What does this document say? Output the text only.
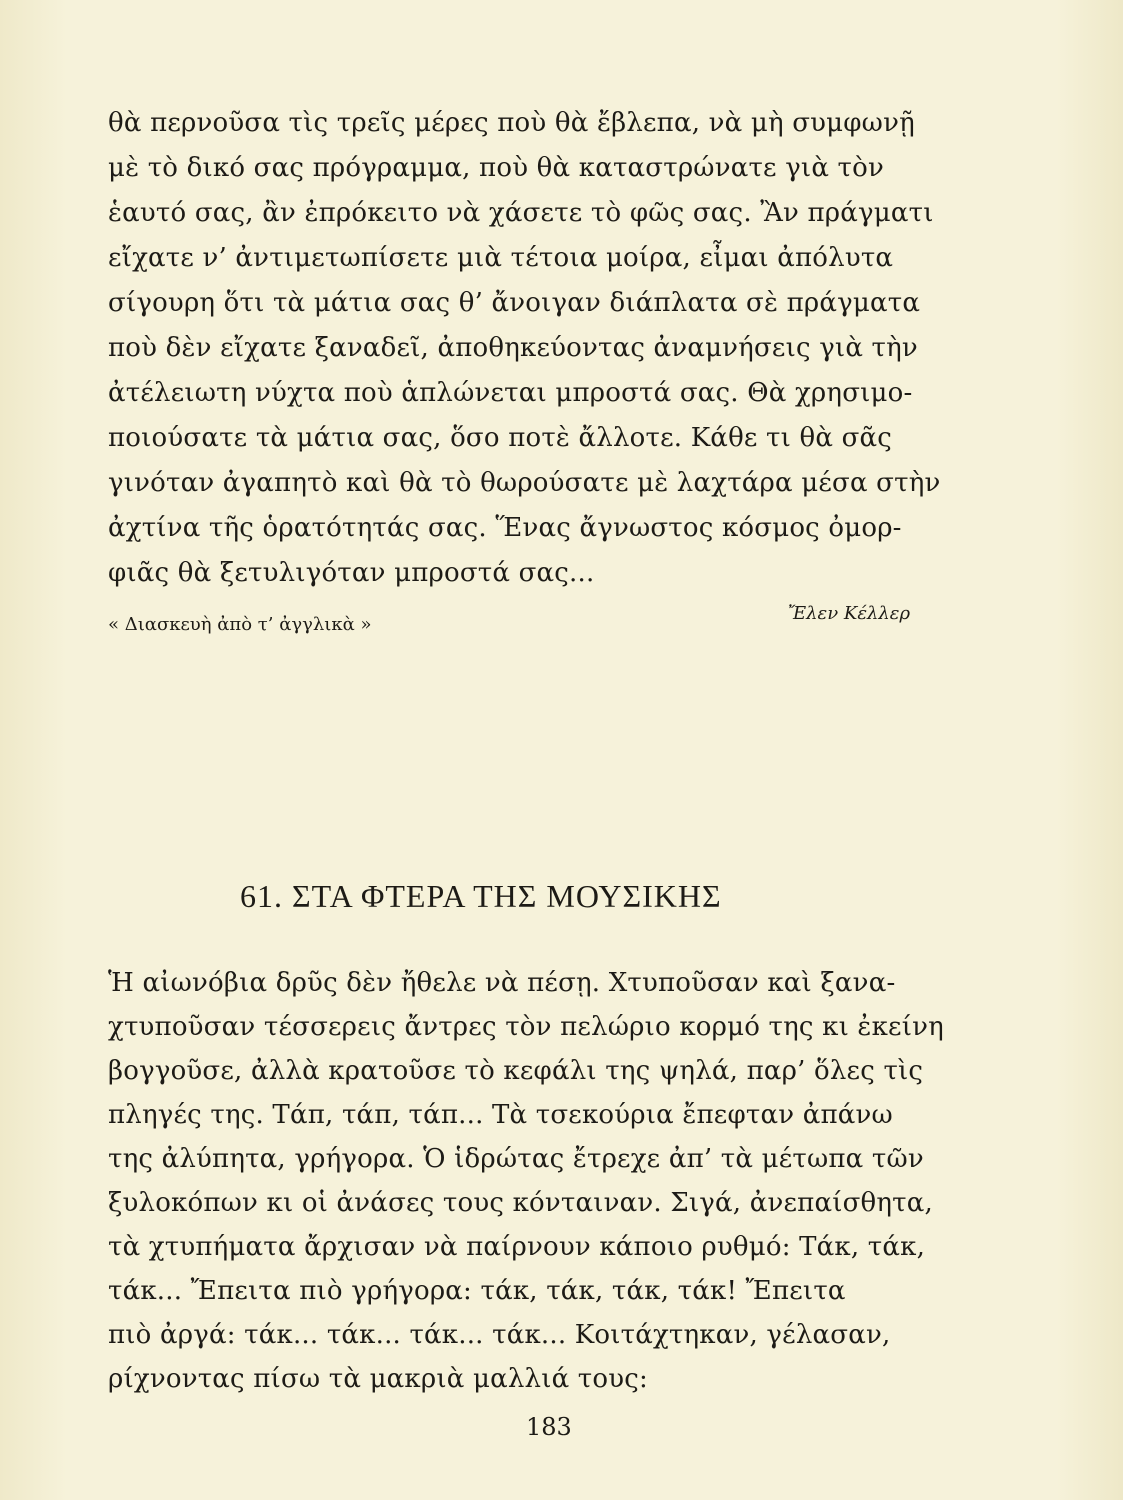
θὰ περνοῦσα τὶς τρεῖς μέρες ποὺ θὰ ἔβλεπα, νὰ μὴ συμφωνῇ
μὲ τὸ δικό σας πρόγραμμα, ποὺ θὰ καταστρώνατε γιὰ τὸν
ἑαυτό σας, ἂν ἐπρόκειτο νὰ χάσετε τὸ φῶς σας. Ἂν πράγματι
εἴχατε ν’ ἀντιμετωπίσετε μιὰ τέτοια μοίρα, εἶμαι ἀπόλυτα
σίγουρη ὅτι τὰ μάτια σας θ’ ἄνοιγαν διάπλατα σὲ πράγματα
ποὺ δὲν εἴχατε ξαναδεῖ, ἀποθηκεύοντας ἀναμνήσεις γιὰ τὴν
ἀτέλειωτη νύχτα ποὺ ἁπλώνεται μπροστά σας. Θὰ χρησιμο-
ποιούσατε τὰ μάτια σας, ὅσο ποτὲ ἄλλοτε. Κάθε τι θὰ σᾶς
γινόταν ἀγαπητὸ καὶ θὰ τὸ θωρούσατε μὲ λαχτάρα μέσα στὴν
ἀχτίνα τῆς ὁρατότητάς σας. Ἕνας ἄγνωστος κόσμος ὀμορ-
φιᾶς θὰ ξετυλιγόταν μπροστά σας...
« Διασκευὴ ἀπὸ τ’ ἀγγλικὰ »
Ἔλεν Κέλλερ
61. ΣΤΑ ΦΤΕΡΑ ΤΗΣ ΜΟΥΣΙΚΗΣ
Ἡ αἰωνόβια δρῦς δὲν ἤθελε νὰ πέσῃ. Χτυποῦσαν καὶ ξανα-
χτυποῦσαν τέσσερεις ἄντρες τὸν πελώριο κορμό της κι ἐκείνη
βογγοῦσε, ἀλλὰ κρατοῦσε τὸ κεφάλι της ψηλά, παρ’ ὅλες τὶς
πληγές της. Τάπ, τάπ, τάπ... Τὰ τσεκούρια ἔπεφταν ἀπάνω
της ἀλύπητα, γρήγορα. Ὁ ἱδρώτας ἔτρεχε ἀπ’ τὰ μέτωπα τῶν
ξυλοκόπων κι οἱ ἀνάσες τους κόνταιναν. Σιγά, ἀνεπαίσθητα,
τὰ χτυπήματα ἄρχισαν νὰ παίρνουν κάποιο ρυθμό: Τάκ, τάκ,
τάκ... Ἔπειτα πιὸ γρήγορα: τάκ, τάκ, τάκ, τάκ! Ἔπειτα
πιὸ ἀργά: τάκ... τάκ... τάκ... τάκ... Κοιτάχτηκαν, γέλασαν,
ρίχνοντας πίσω τὰ μακριὰ μαλλιά τους:
183
